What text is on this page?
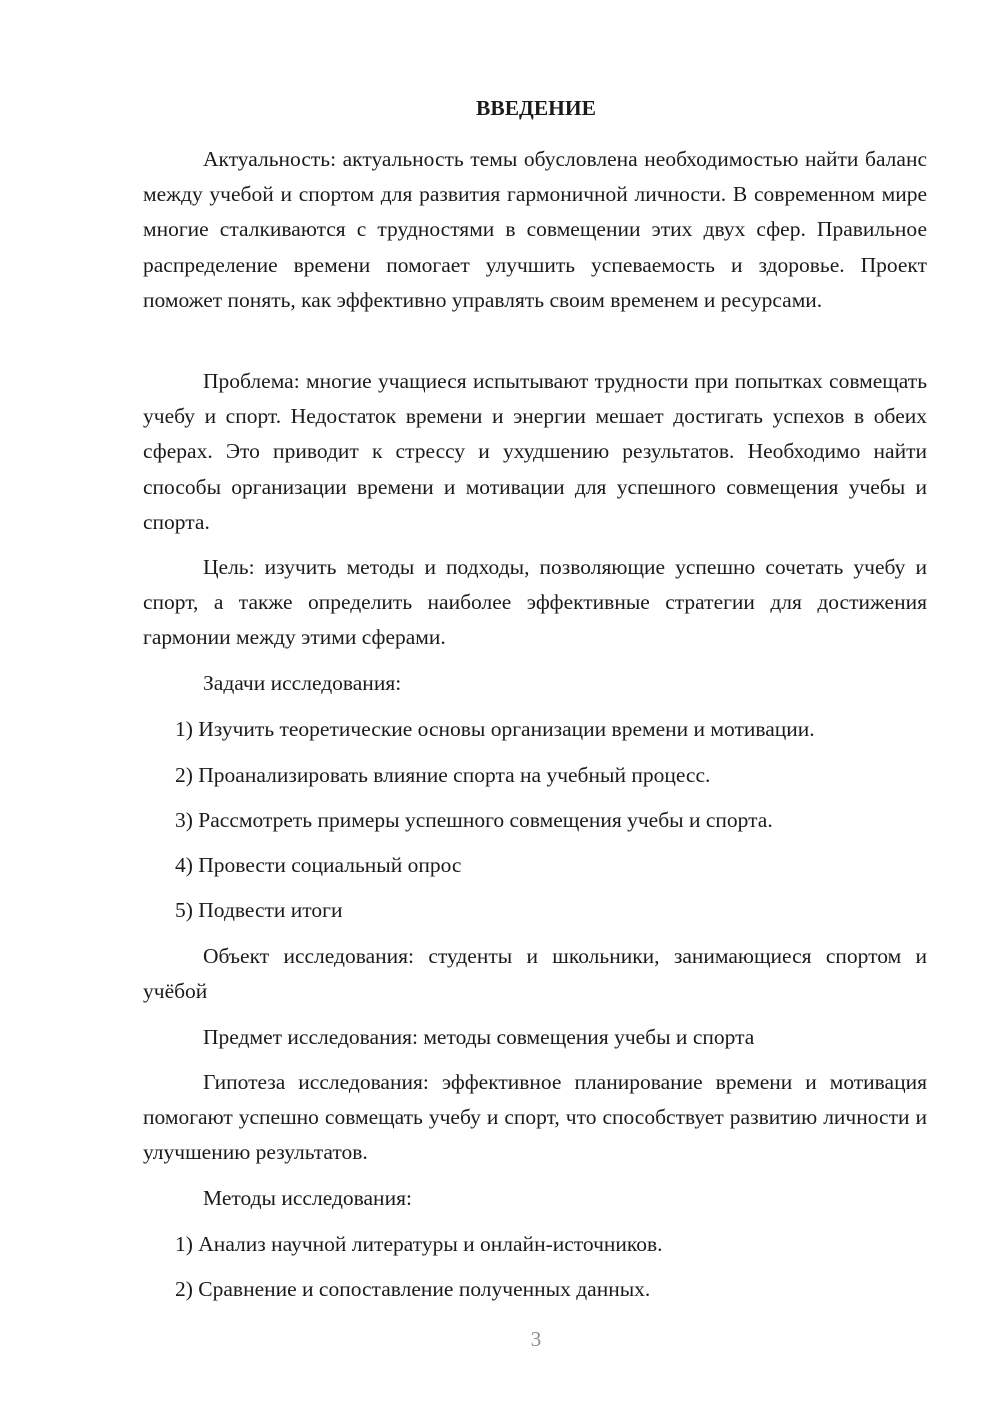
ВВЕДЕНИЕ

Актуальность: актуальность темы обусловлена необходимостью найти баланс между учебой и спортом для развития гармоничной личности. В современном мире многие сталкиваются с трудностями в совмещении этих двух сфер. Правильное распределение времени помогает улучшить успеваемость и здоровье. Проект поможет понять, как эффективно управлять своим временем и ресурсами.

Проблема: многие учащиеся испытывают трудности при попытках совмещать учебу и спорт. Недостаток времени и энергии мешает достигать успехов в обеих сферах. Это приводит к стрессу и ухудшению результатов. Необходимо найти способы организации времени и мотивации для успешного совмещения учебы и спорта.

Цель: изучить методы и подходы, позволяющие успешно сочетать учебу и спорт, а также определить наиболее эффективные стратегии для достижения гармонии между этими сферами.

Задачи исследования:

1) Изучить теоретические основы организации времени и мотивации.
2) Проанализировать влияние спорта на учебный процесс.
3) Рассмотреть примеры успешного совмещения учебы и спорта.
4) Провести социальный опрос
5) Подвести итоги

Объект исследования: студенты и школьники, занимающиеся спортом и учёбой

Предмет исследования: методы совмещения учебы и спорта

Гипотеза исследования: эффективное планирование времени и мотивация помогают успешно совмещать учебу и спорт, что способствует развитию личности и улучшению результатов.

Методы исследования:

1) Анализ научной литературы и онлайн-источников.
2) Сравнение и сопоставление полученных данных.
3
